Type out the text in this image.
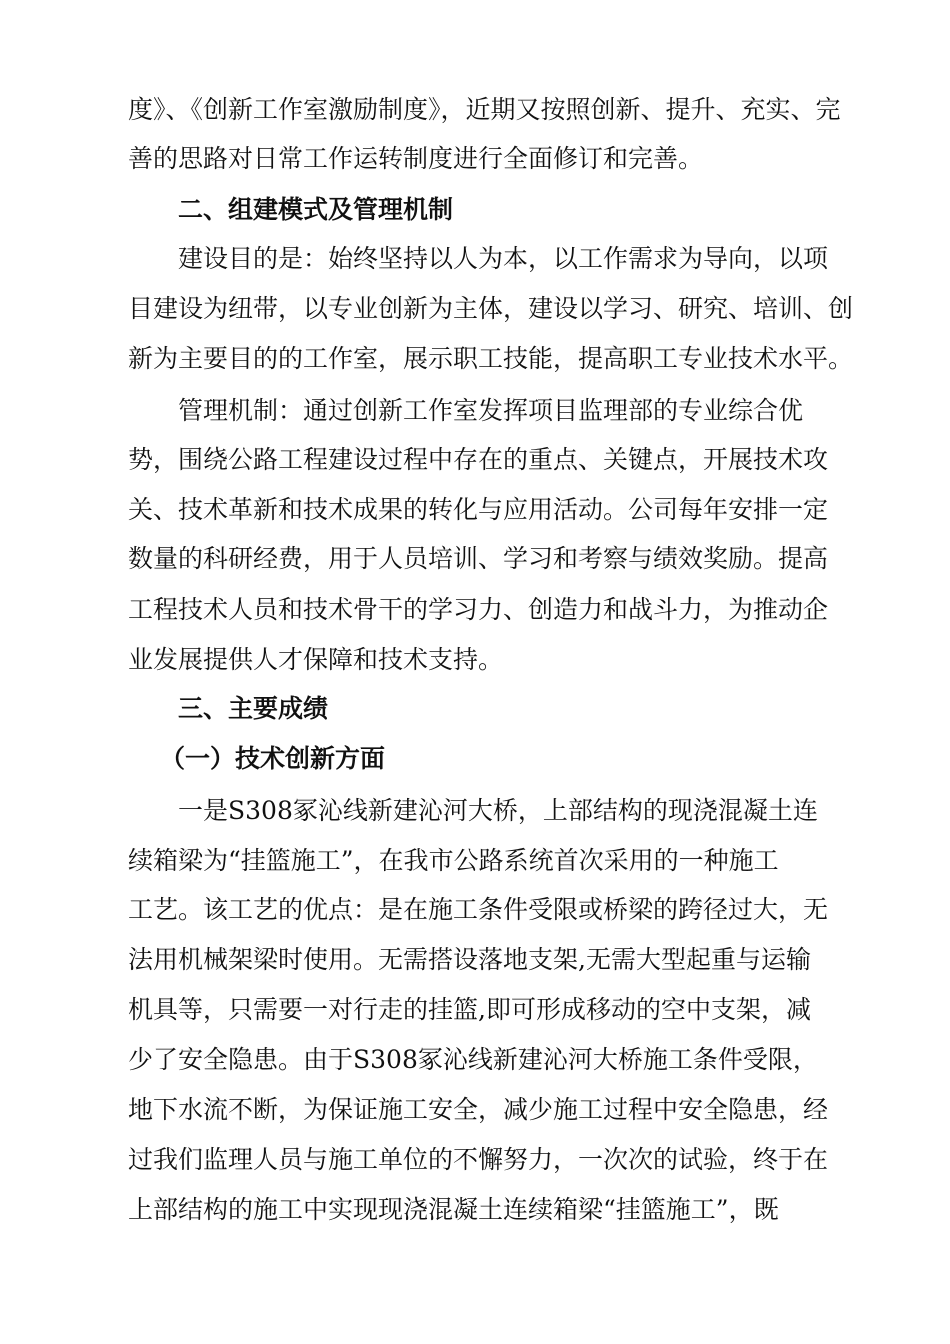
度》、《创新工作室激励制度》，近期又按照创新、提升、充实、完
善的思路对日常工作运转制度进行全面修订和完善。
二、组建模式及管理机制
建设目的是：始终坚持以人为本，以工作需求为导向，以项
目建设为纽带，以专业创新为主体，建设以学习、研究、培训、创
新为主要目的的工作室，展示职工技能，提高职工专业技术水平。
管理机制：通过创新工作室发挥项目监理部的专业综合优
势，围绕公路工程建设过程中存在的重点、关键点，开展技术攻
关、技术革新和技术成果的转化与应用活动。公司每年安排一定
数量的科研经费，用于人员培训、学习和考察与绩效奖励。提高
工程技术人员和技术骨干的学习力、创造力和战斗力，为推动企
业发展提供人才保障和技术支持。
三、主要成绩
（一）技术创新方面
一是S308冢沁线新建沁河大桥，上部结构的现浇混凝土连
续箱梁为“挂篮施工”，在我市公路系统首次采用的一种施工
工艺。该工艺的优点：是在施工条件受限或桥梁的跨径过大，无
法用机械架梁时使用。无需搭设落地支架,无需大型起重与运输
机具等，只需要一对行走的挂篮,即可形成移动的空中支架，减
少了安全隐患。由于S308冢沁线新建沁河大桥施工条件受限，
地下水流不断，为保证施工安全，减少施工过程中安全隐患，经
过我们监理人员与施工单位的不懈努力，一次次的试验，终于在
上部结构的施工中实现现浇混凝土连续箱梁“挂篮施工”，既
